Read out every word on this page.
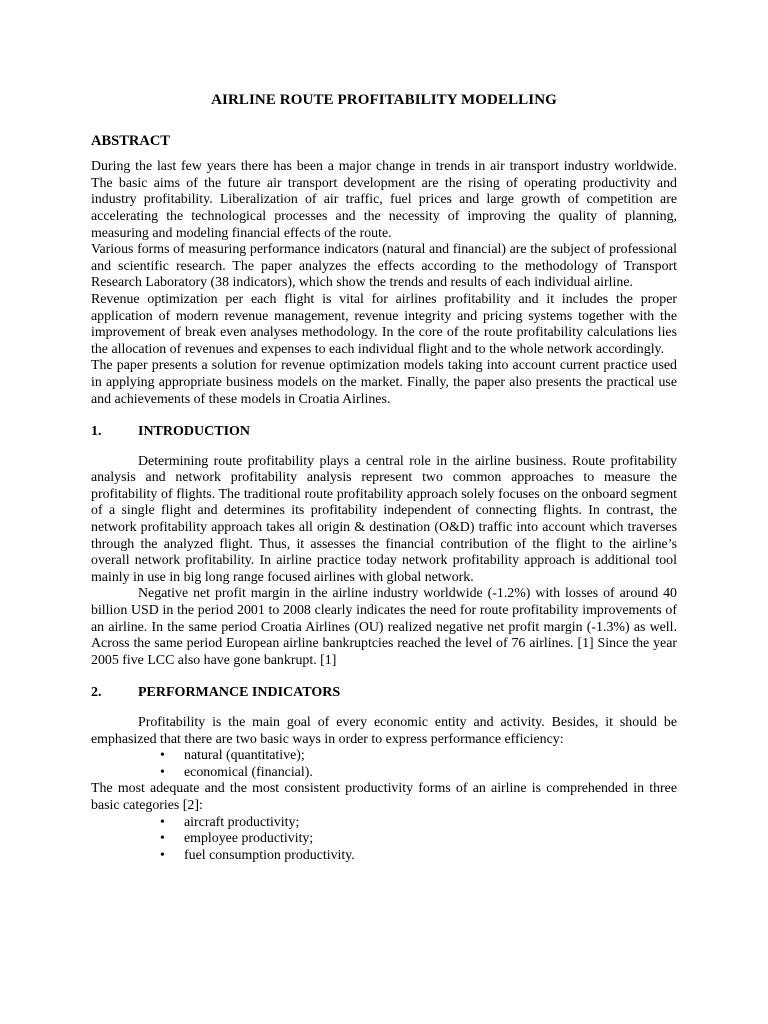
AIRLINE ROUTE PROFITABILITY MODELLING
ABSTRACT

During the last few years there has been a major change in trends in air transport industry worldwide. The basic aims of the future air transport development are the rising of operating productivity and industry profitability. Liberalization of air traffic, fuel prices and large growth of competition are accelerating the technological processes and the necessity of improving the quality of planning, measuring and modeling financial effects of the route.

Various forms of measuring performance indicators (natural and financial) are the subject of professional and scientific research. The paper analyzes the effects according to the methodology of Transport Research Laboratory (38 indicators), which show the trends and results of each individual airline.

Revenue optimization per each flight is vital for airlines profitability and it includes the proper application of modern revenue management, revenue integrity and pricing systems together with the improvement of break even analyses methodology. In the core of the route profitability calculations lies the allocation of revenues and expenses to each individual flight and to the whole network accordingly.

The paper presents a solution for revenue optimization models taking into account current practice used in applying appropriate business models on the market. Finally, the paper also presents the practical use and achievements of these models in Croatia Airlines.

1.	INTRODUCTION

Determining route profitability plays a central role in the airline business. Route profitability analysis and network profitability analysis represent two common approaches to measure the profitability of flights. The traditional route profitability approach solely focuses on the onboard segment of a single flight and determines its profitability independent of connecting flights. In contrast, the network profitability approach takes all origin & destination (O&D) traffic into account which traverses through the analyzed flight. Thus, it assesses the financial contribution of the flight to the airline’s overall network profitability. In airline practice today network profitability approach is additional tool mainly in use in big long range focused airlines with global network.

Negative net profit margin in the airline industry worldwide (-1.2%) with losses of around 40 billion USD in the period 2001 to 2008 clearly indicates the need for route profitability improvements of an airline. In the same period Croatia Airlines (OU) realized negative net profit margin (-1.3%) as well. Across the same period European airline bankruptcies reached the level of 76 airlines. [1] Since the year 2005 five LCC also have gone bankrupt. [1]

2.	PERFORMANCE INDICATORS

Profitability is the main goal of every economic entity and activity. Besides, it should be emphasized that there are two basic ways in order to express performance efficiency:

• natural (quantitative);
• economical (financial).

The most adequate and the most consistent productivity forms of an airline is comprehended in three basic categories [2]:

• aircraft productivity;
• employee productivity;
• fuel consumption productivity.
